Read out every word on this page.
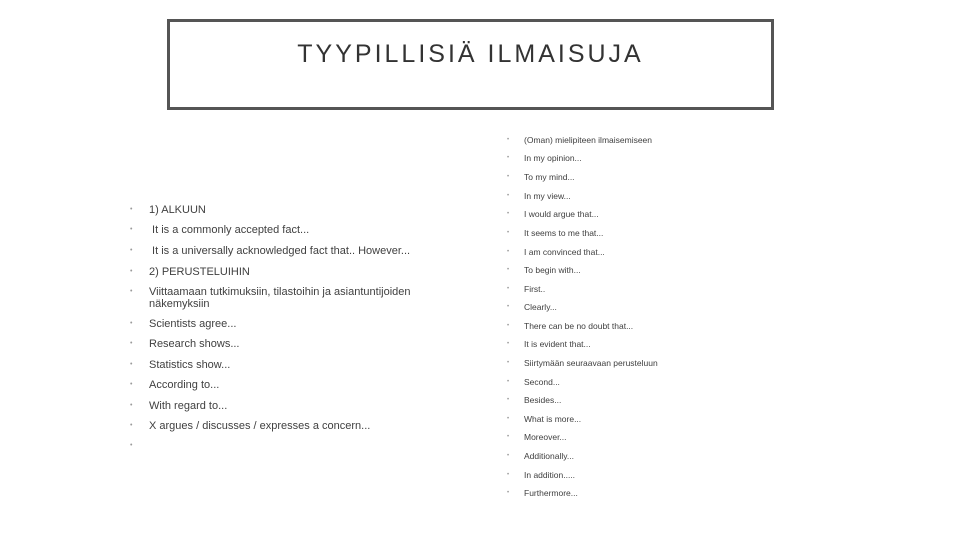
TYYPILLISIÄ ILMAISUJA
•	1) ALKUUN
•	It is a commonly accepted fact...
•	It is a universally acknowledged fact that.. However...
•	2) PERUSTELUIHIN
•	Viittaamaan tutkimuksiin, tilastoihin ja asiantuntijoiden näkemyksiin
•	Scientists agree...
•	Research shows...
•	Statistics show...
•	According to...
•	With regard to...
•	X argues / discusses / expresses a concern...
•
•	(Oman) mielipiteen ilmaisemiseen
•	In my opinion...
•	To my mind...
•	In my view...
•	I would argue that...
•	It seems to me that...
•	I am convinced that...
•	To begin with...
•	First..
•	Clearly...
•	There can be no doubt that...
•	It is evident that...
•	Siirtymään seuraavaan perusteluun
•	Second...
•	Besides...
•	What is more...
•	Moreover...
•	Additionally...
•	In addition.....
•	Furthermore...
